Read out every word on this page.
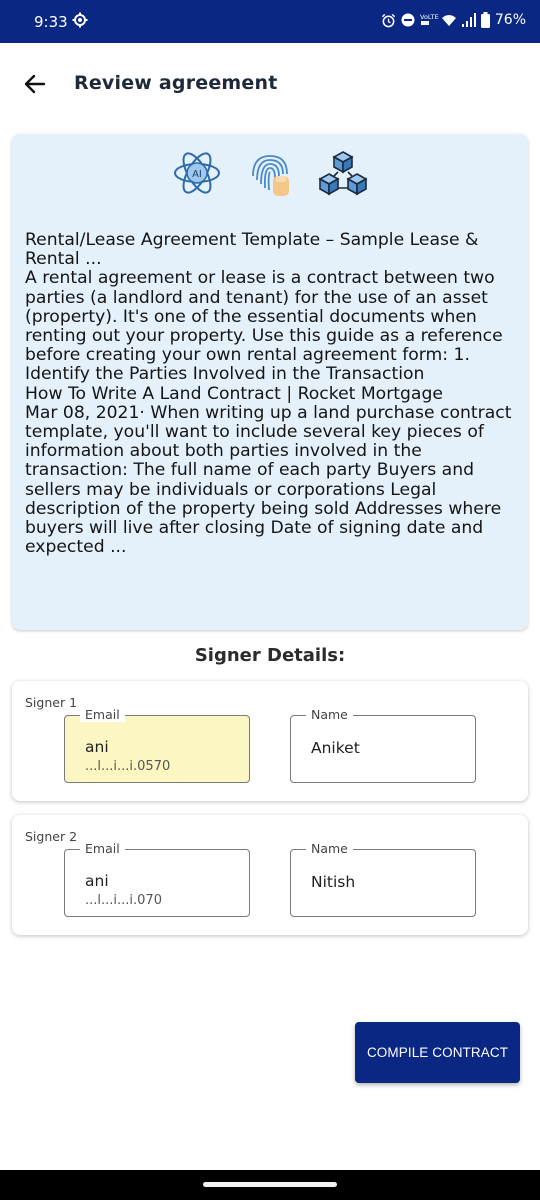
9:33	VoLTE	76%
Review agreement
AI

Rental/Lease Agreement Template – Sample Lease & Rental ...

A rental agreement or lease is a contract between two parties (a landlord and tenant) for the use of an asset (property). It's one of the essential documents when renting out your property. Use this guide as a reference before creating your own rental agreement form: 1. Identify the Parties Involved in the Transaction

How To Write A Land Contract | Rocket Mortgage

Mar 08, 2021· When writing up a land purchase contract template, you'll want to include several key pieces of information about both parties involved in the transaction: The full name of each party Buyers and sellers may be individuals or corporations Legal description of the property being sold Addresses where buyers will live after closing Date of signing date and expected ...

Signer Details:
Signer 1
Email
ani
...l...i...i.0570
Name
Aniket
Signer 2
Email
ani
...l...i...i.070
Name
Nitish
COMPILE CONTRACT
